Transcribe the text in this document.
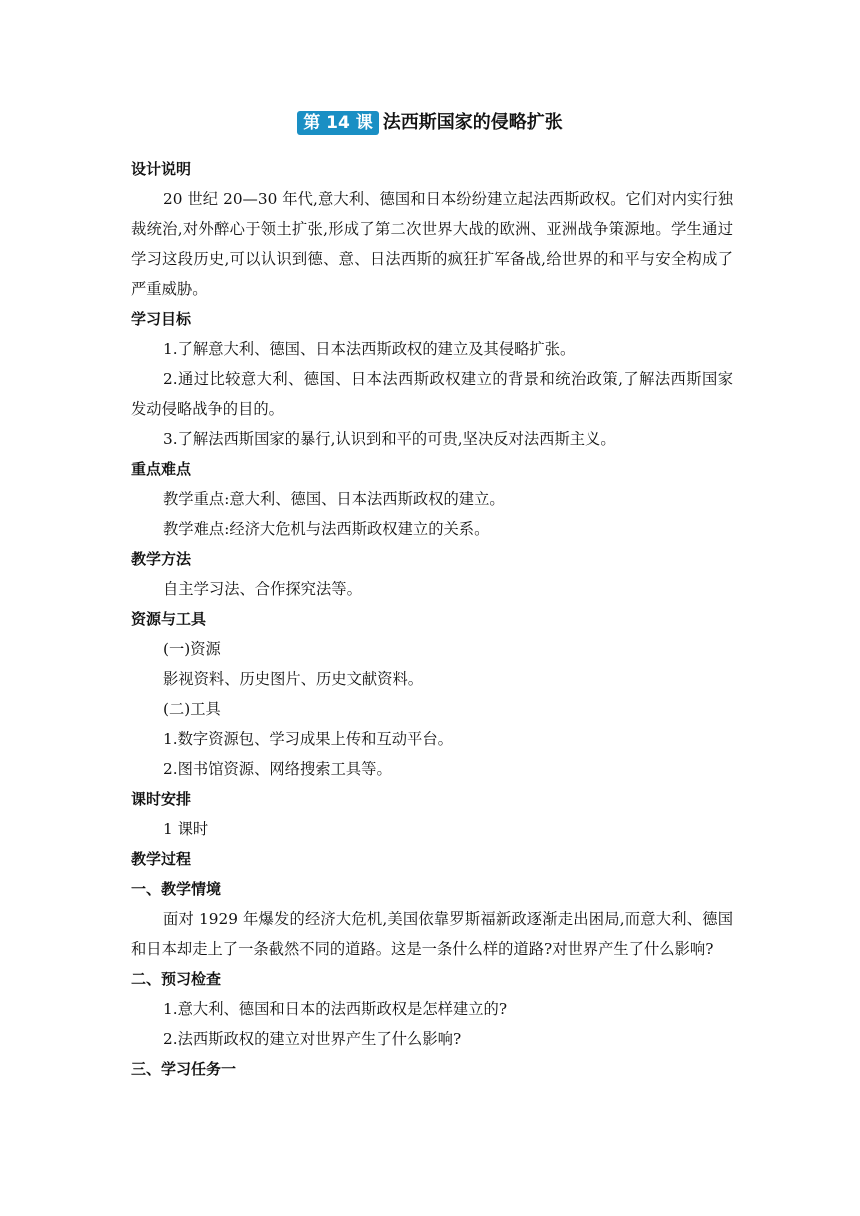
第 14 课 法西斯国家的侵略扩张

设计说明

20 世纪 20—30 年代,意大利、德国和日本纷纷建立起法西斯政权。它们对内实行独裁统治,对外醉心于领土扩张,形成了第二次世界大战的欧洲、亚洲战争策源地。学生通过学习这段历史,可以认识到德、意、日法西斯的疯狂扩军备战,给世界的和平与安全构成了严重威胁。

学习目标

1.了解意大利、德国、日本法西斯政权的建立及其侵略扩张。

2.通过比较意大利、德国、日本法西斯政权建立的背景和统治政策,了解法西斯国家发动侵略战争的目的。

3.了解法西斯国家的暴行,认识到和平的可贵,坚决反对法西斯主义。

重点难点

教学重点:意大利、德国、日本法西斯政权的建立。

教学难点:经济大危机与法西斯政权建立的关系。

教学方法

自主学习法、合作探究法等。

资源与工具

(一)资源

影视资料、历史图片、历史文献资料。

(二)工具

1.数字资源包、学习成果上传和互动平台。

2.图书馆资源、网络搜索工具等。

课时安排

1 课时

教学过程

一、教学情境

面对 1929 年爆发的经济大危机,美国依靠罗斯福新政逐渐走出困局,而意大利、德国和日本却走上了一条截然不同的道路。这是一条什么样的道路?对世界产生了什么影响?

二、预习检查

1.意大利、德国和日本的法西斯政权是怎样建立的?

2.法西斯政权的建立对世界产生了什么影响?

三、学习任务一
